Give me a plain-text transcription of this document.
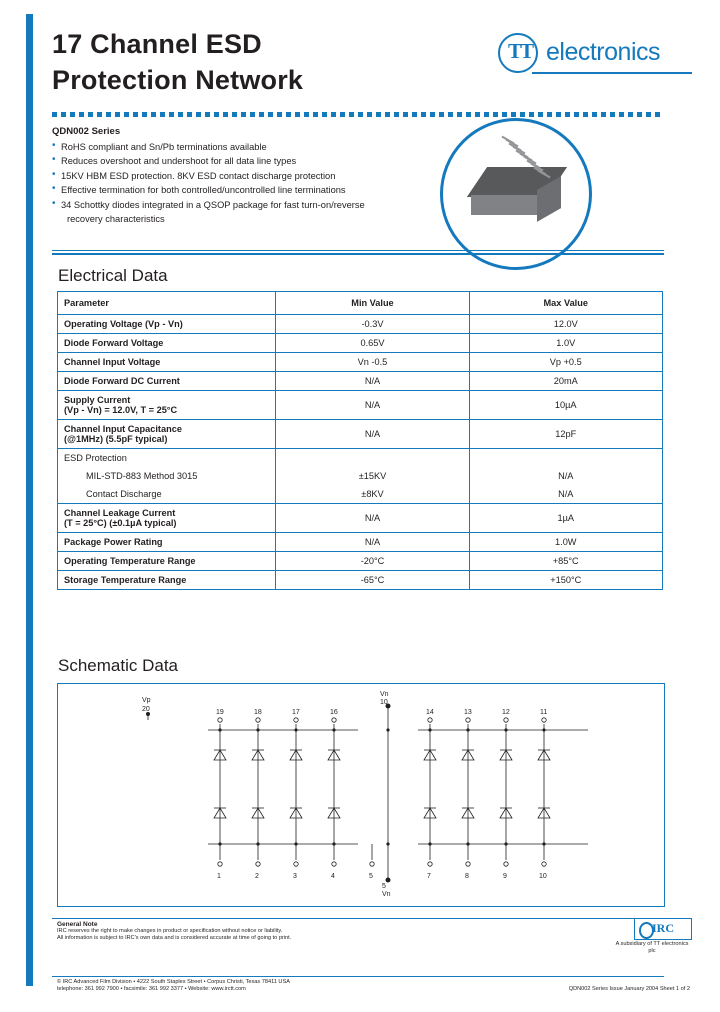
17 Channel ESD
Protection Network
TT electronics
QDN002 Series
• RoHS compliant and Sn/Pb terminations available
• Reduces overshoot and undershoot for all data line types
• 15KV HBM ESD protection. 8KV ESD contact discharge protection
• Effective termination for both controlled/uncontrolled line terminations
• 34 Schottky diodes integrated in a QSOP package for fast turn-on/reverse
recovery characteristics
Electrical Data
Parameter	Min Value	Max Value
Operating Voltage (Vp - Vn)	-0.3V	12.0V
Diode Forward Voltage	0.65V	1.0V
Channel Input Voltage	Vn -0.5	Vp +0.5
Diode Forward DC Current	N/A	20mA

Supply Current
(Vp - Vn) = 12.0V, T = 25°C	N/A	10µA

Channel Input Capacitance
(@1MHz) (5.5pF typical)	N/A	12pF
ESD Protection		
MIL-STD-883 Method 3015	±15KV	N/A
Contact Discharge	±8KV	N/A

Channel Leakage Current
(T = 25°C) (±0.1µA typical)	N/A	1µA
Package Power Rating	N/A	1.0W
Operating Temperature Range	-20°C	+85°C
Storage Temperature Range	-65°C	+150°C
Schematic Data
Vp
20
Vn
10
Vn
5
19	18	17	16	14	13	12	11
1	2	3	4	5	7	8	9	10
General Note
IRC reserves the right to make changes in product or specification without notice or liability.
All information is subject to IRC's own data and is considered accurate at time of going to print.
IRC
A subsidiary of TT electronics plc
© IRC Advanced Film Division • 4222 South Staples Street • Corpus Christi, Texas 78411 USA
telephone: 361 992 7900 • facsimile: 361 992 3377 • Website: www.irctt.com	QDN002 Series Issue January 2004 Sheet 1 of 2
